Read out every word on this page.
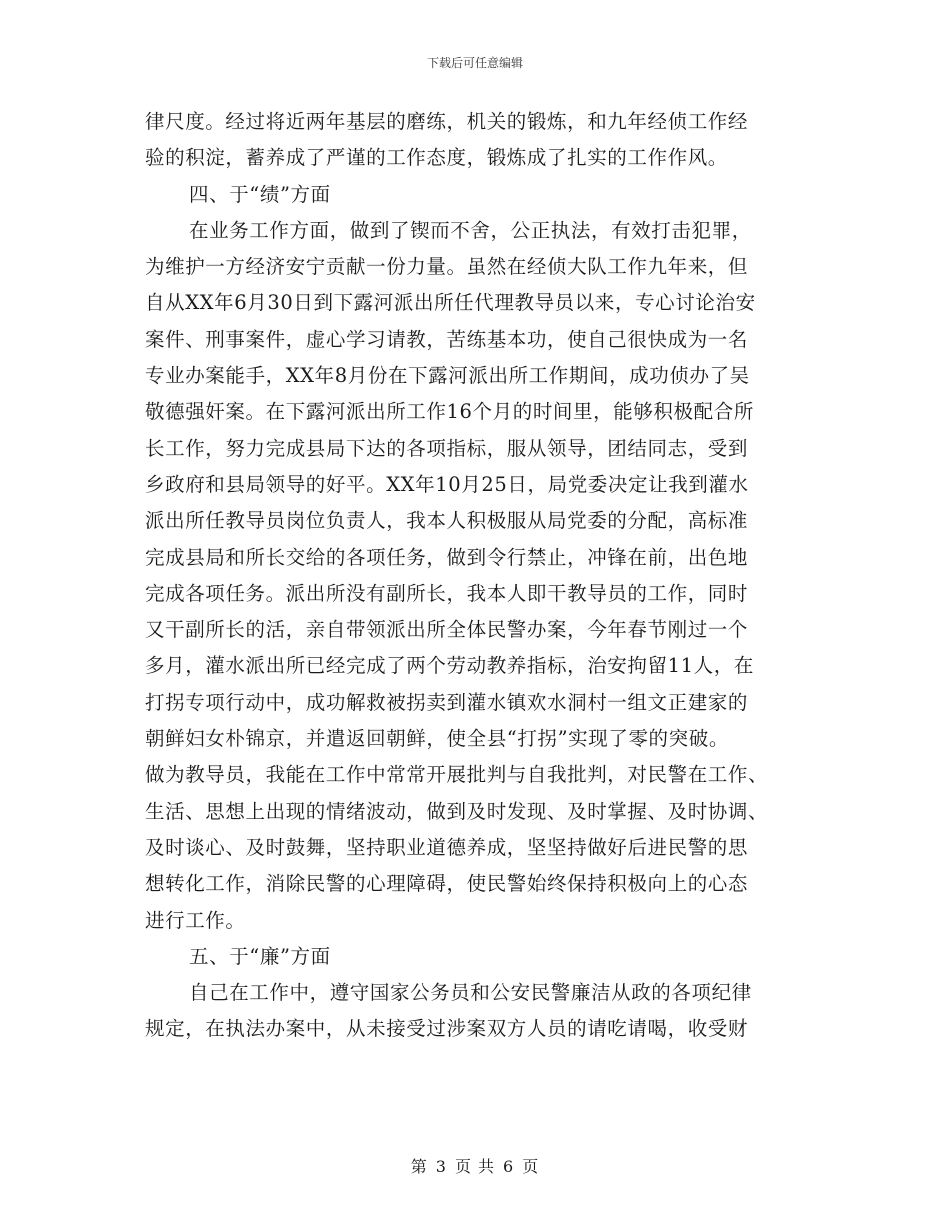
下载后可任意编辑
律尺度。经过将近两年基层的磨练，机关的锻炼，和九年经侦工作经
验的积淀，蓄养成了严谨的工作态度，锻炼成了扎实的工作作风。
四、于“绩”方面
在业务工作方面，做到了锲而不舍，公正执法，有效打击犯罪，
为维护一方经济安宁贡献一份力量。虽然在经侦大队工作九年来，但
自从XX年6月30日到下露河派出所任代理教导员以来，专心讨论治安
案件、刑事案件，虚心学习请教，苦练基本功，使自己很快成为一名
专业办案能手，XX年8月份在下露河派出所工作期间，成功侦办了吴
敬德强奸案。在下露河派出所工作16个月的时间里，能够积极配合所
长工作，努力完成县局下达的各项指标，服从领导，团结同志，受到
乡政府和县局领导的好平。XX年10月25日，局党委决定让我到灌水
派出所任教导员岗位负责人，我本人积极服从局党委的分配，高标准
完成县局和所长交给的各项任务，做到令行禁止，冲锋在前，出色地
完成各项任务。派出所没有副所长，我本人即干教导员的工作，同时
又干副所长的活，亲自带领派出所全体民警办案，今年春节刚过一个
多月，灌水派出所已经完成了两个劳动教养指标，治安拘留11人，在
打拐专项行动中，成功解救被拐卖到灌水镇欢水洞村一组文正建家的
朝鲜妇女朴锦京，并遣返回朝鲜，使全县“打拐”实现了零的突破。
做为教导员，我能在工作中常常开展批判与自我批判，对民警在工作、
生活、思想上出现的情绪波动，做到及时发现、及时掌握、及时协调、
及时谈心、及时鼓舞，坚持职业道德养成，坚坚持做好后进民警的思
想转化工作，消除民警的心理障碍，使民警始终保持积极向上的心态
进行工作。
五、于“廉”方面
自己在工作中，遵守国家公务员和公安民警廉洁从政的各项纪律
规定，在执法办案中，从未接受过涉案双方人员的请吃请喝，收受财
第 3 页 共 6 页
